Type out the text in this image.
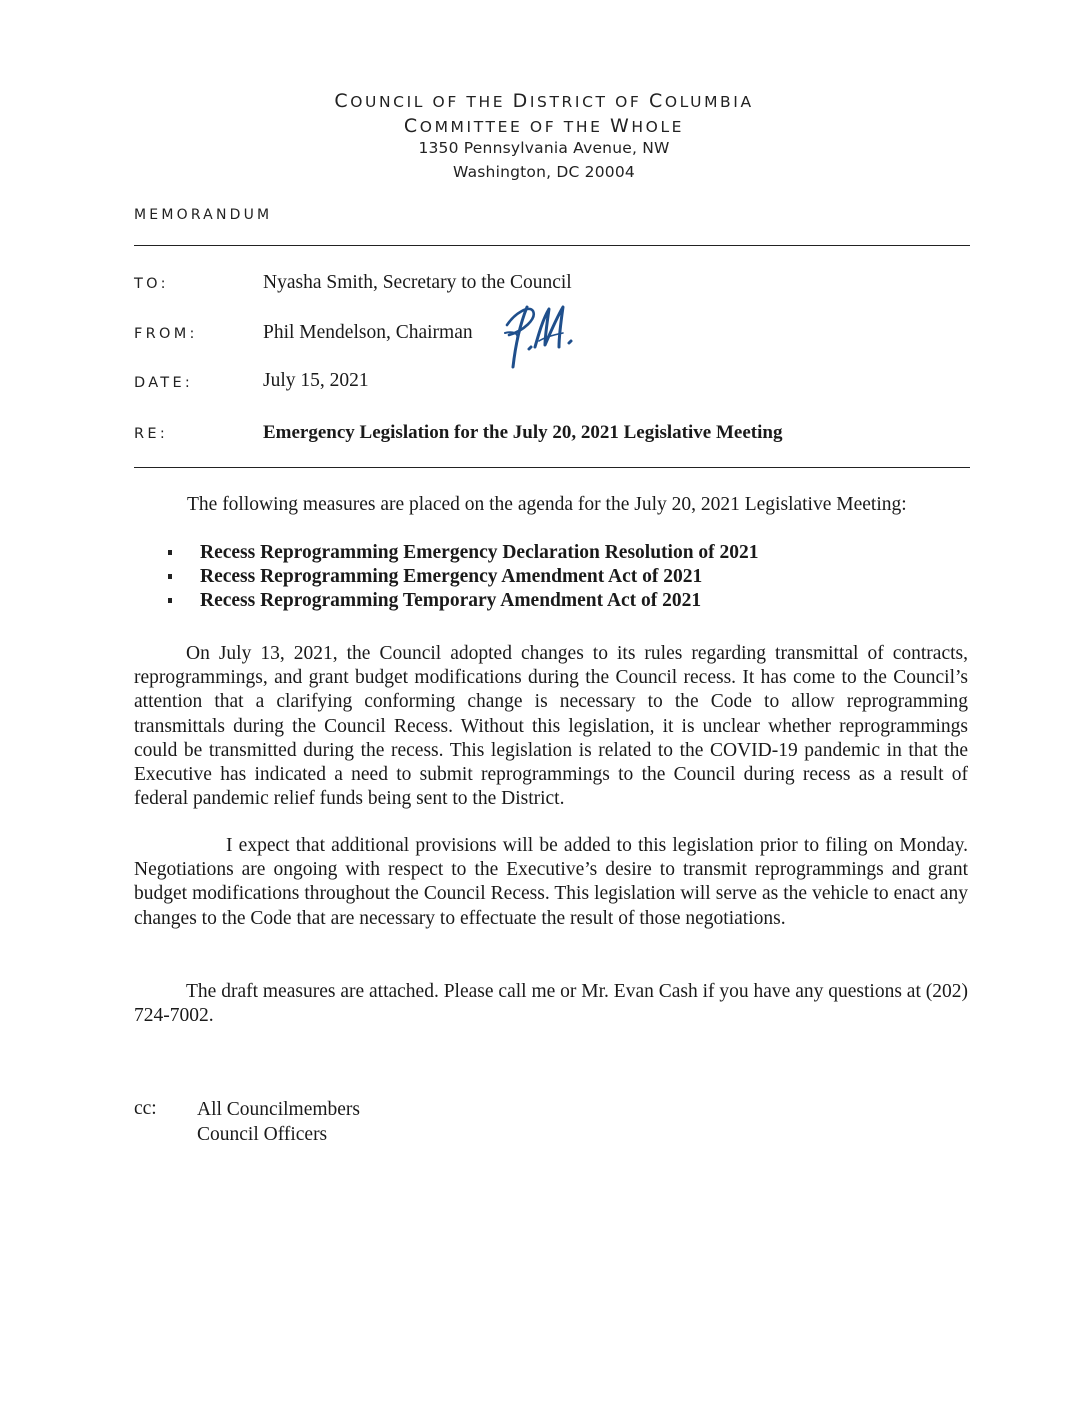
COUNCIL OF THE DISTRICT OF COLUMBIA
COMMITTEE OF THE WHOLE
1350 Pennsylvania Avenue, NW
Washington, DC 20004
MEMORANDUM
TO:	Nyasha Smith, Secretary to the Council
FROM:	Phil Mendelson, Chairman
DATE:	July 15, 2021
RE:	Emergency Legislation for the July 20, 2021 Legislative Meeting
The following measures are placed on the agenda for the July 20, 2021 Legislative Meeting:
Recess Reprogramming Emergency Declaration Resolution of 2021
Recess Reprogramming Emergency Amendment Act of 2021
Recess Reprogramming Temporary Amendment Act of 2021

On July 13, 2021, the Council adopted changes to its rules regarding transmittal of contracts, reprogrammings, and grant budget modifications during the Council recess. It has come to the Council’s attention that a clarifying conforming change is necessary to the Code to allow reprogramming transmittals during the Council Recess. Without this legislation, it is unclear whether reprogrammings could be transmitted during the recess. This legislation is related to the COVID-19 pandemic in that the Executive has indicated a need to submit reprogrammings to the Council during recess as a result of federal pandemic relief funds being sent to the District.

I expect that additional provisions will be added to this legislation prior to filing on Monday. Negotiations are ongoing with respect to the Executive’s desire to transmit reprogrammings and grant budget modifications throughout the Council Recess. This legislation will serve as the vehicle to enact any changes to the Code that are necessary to effectuate the result of those negotiations.

The draft measures are attached. Please call me or Mr. Evan Cash if you have any questions at (202) 724-7002.

cc: All Councilmembers
Council Officers
